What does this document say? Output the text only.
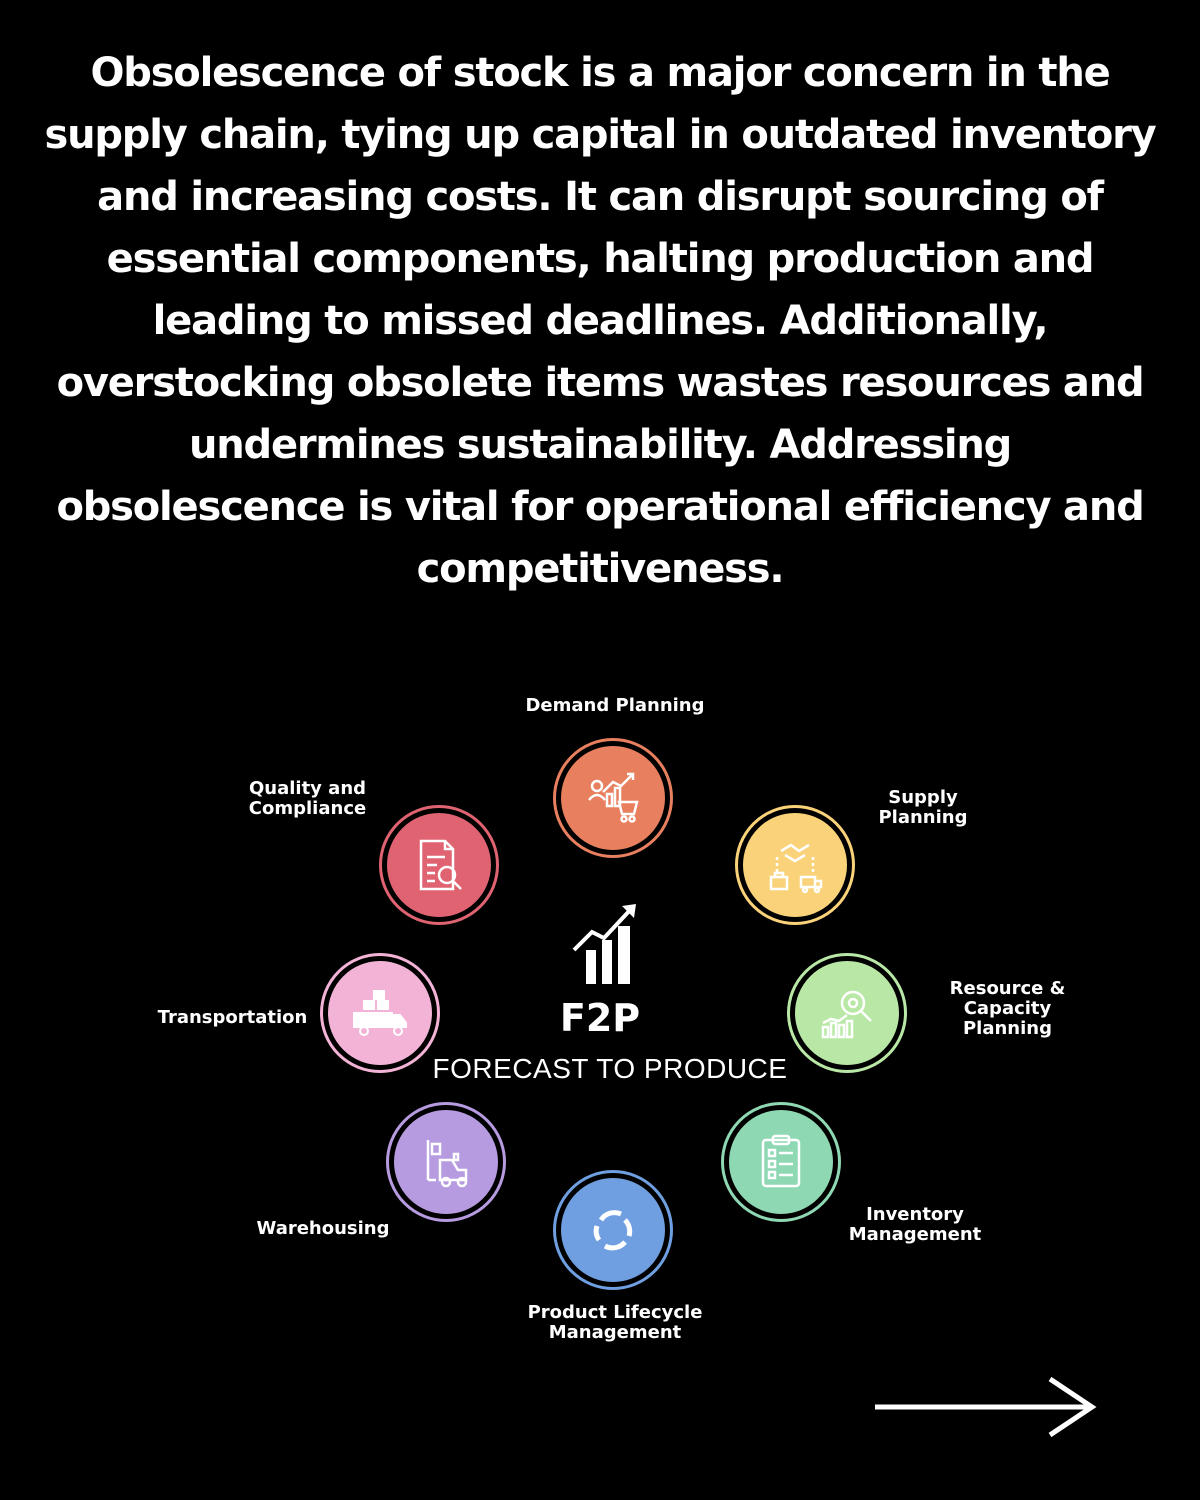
Obsolescence of stock is a major concern in the supply chain, tying up capital in outdated inventory and increasing costs. It can disrupt sourcing of essential components, halting production and leading to missed deadlines. Additionally, overstocking obsolete items wastes resources and undermines sustainability. Addressing obsolescence is vital for operational efficiency and competitiveness.

Demand Planning
Supply
Planning
Resource &
Capacity
Planning
Inventory
Management
Product Lifecycle
Management
Warehousing
Transportation
Quality and
Compliance
F2P
FORECAST TO PRODUCE
